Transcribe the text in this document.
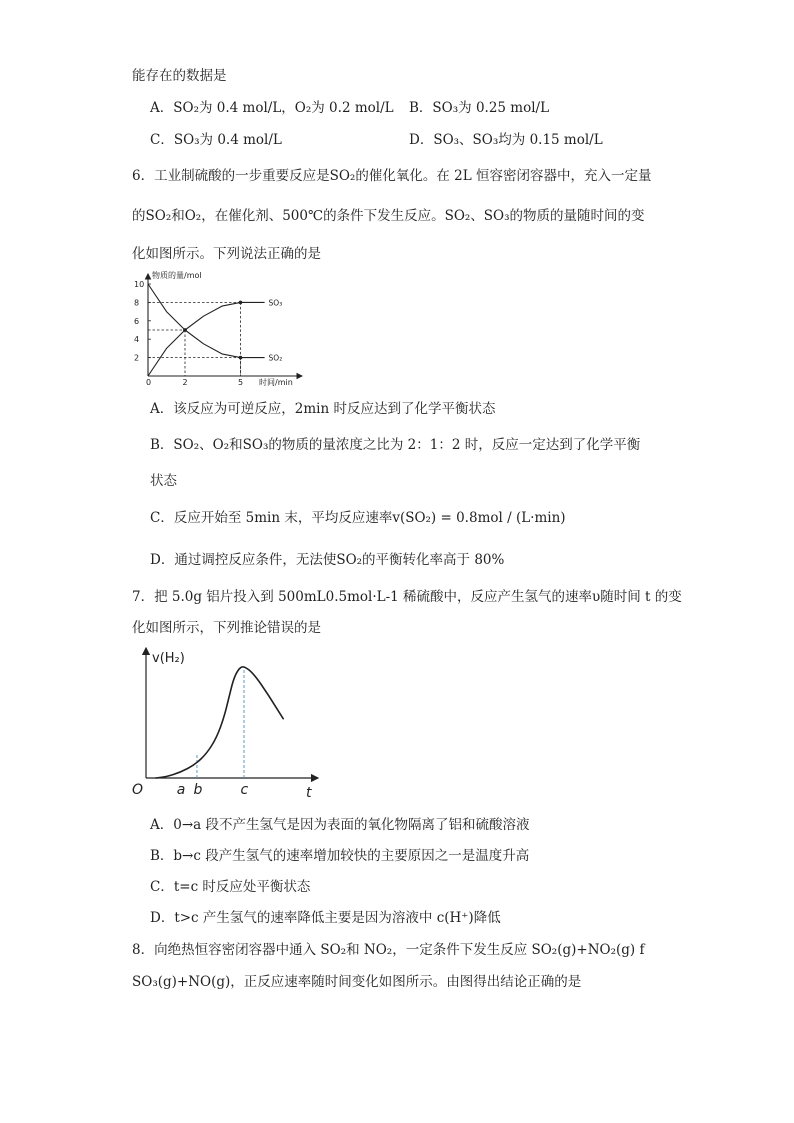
能存在的数据是
A．SO₂为 0.4 mol/L，O₂为 0.2 mol/L B．SO₃为 0.25 mol/L
C．SO₃为 0.4 mol/L	D．SO₃、SO₃均为 0.15 mol/L
6．工业制硫酸的一步重要反应是SO₂的催化氧化。在 2L 恒容密闭容器中，充入一定量
的SO₂和O₂，在催化剂、500℃的条件下发生反应。SO₂、SO₃的物质的量随时间的变
化如图所示。下列说法正确的是
物质的量/mol
时间/min
0
10
8
6
4
2
2	5
SO₃
SO₂
A．该反应为可逆反应，2min 时反应达到了化学平衡状态
B．SO₂、O₂和SO₃的物质的量浓度之比为 2：1：2 时，反应一定达到了化学平衡
状态
C．反应开始至 5min 末，平均反应速率v(SO₂) = 0.8mol / (L·min)
D．通过调控反应条件，无法使SO₂的平衡转化率高于 80%
7．把 5.0g 铝片投入到 500mL0.5mol·L-1 稀硫酸中，反应产生氢气的速率υ随时间 t 的变
化如图所示，下列推论错误的是
v(H₂)
t
O a b	c
A．0→a 段不产生氢气是因为表面的氧化物隔离了铝和硫酸溶液
B．b→c 段产生氢气的速率增加较快的主要原因之一是温度升高
C．t=c 时反应处平衡状态
D．t>c 产生氢气的速率降低主要是因为溶液中 c(H⁺)降低
8．向绝热恒容密闭容器中通入 SO₂和 NO₂，一定条件下发生反应 SO₂(g)+NO₂(g) f
SO₃(g)+NO(g)，正反应速率随时间变化如图所示。由图得出结论正确的是
